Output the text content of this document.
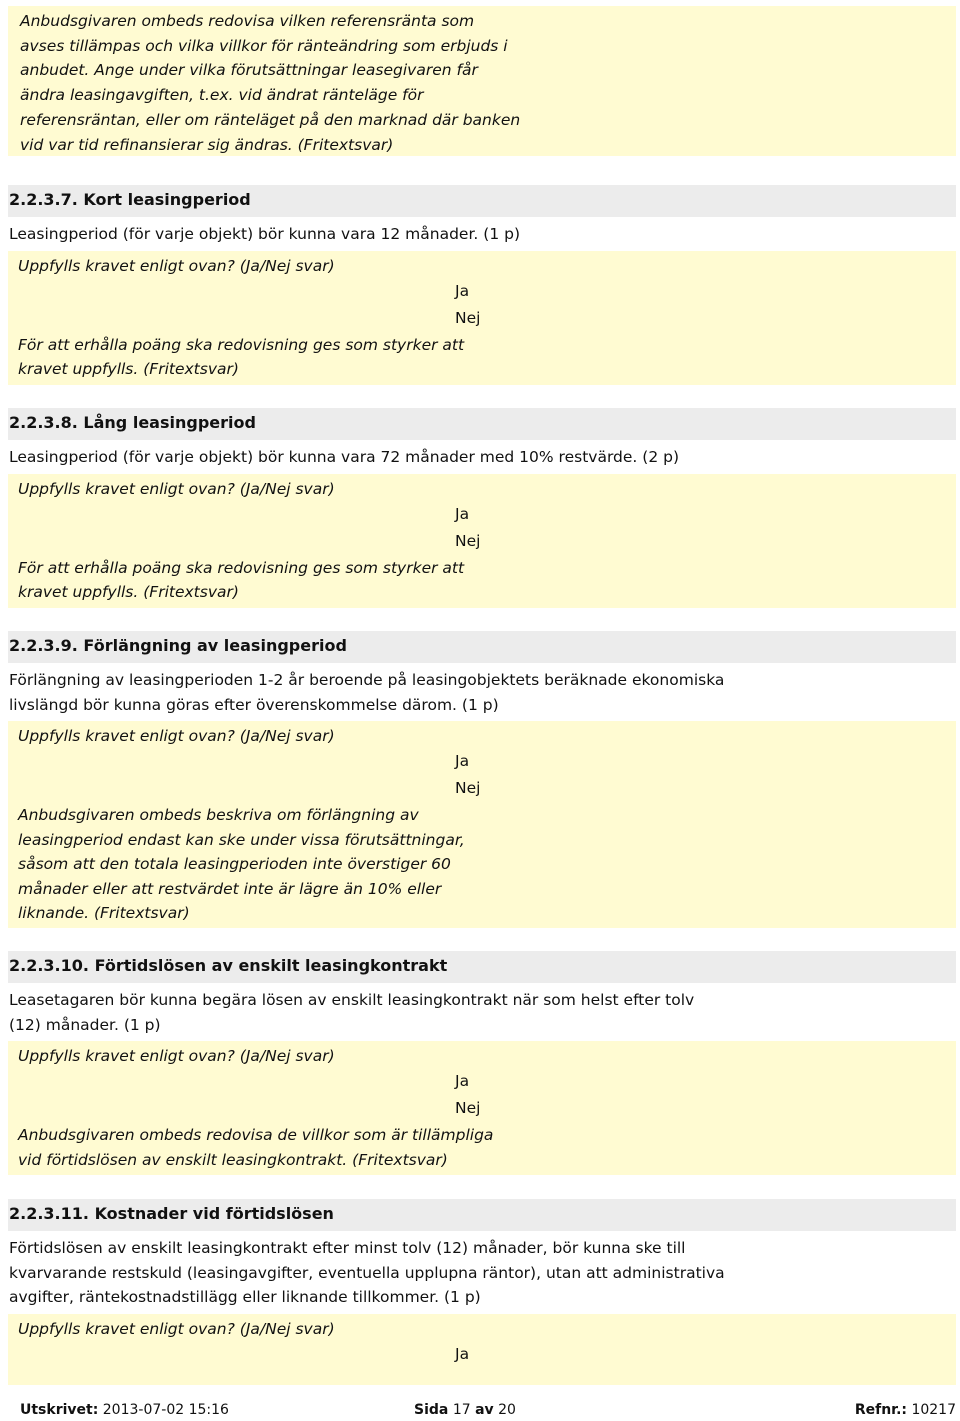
Anbudsgivaren ombeds redovisa vilken referensränta som

avses tillämpas och vilka villkor för ränteändring som erbjuds i

anbudet. Ange under vilka förutsättningar leasegivaren får

ändra leasingavgiften, t.ex. vid ändrat ränteläge för

referensräntan, eller om ränteläget på den marknad där banken

vid var tid refinansierar sig ändras. (Fritextsvar)

2.2.3.7. Kort leasingperiod

Leasingperiod (för varje objekt) bör kunna vara 12 månader. (1 p)

Uppfylls kravet enligt ovan? (Ja/Nej svar)

Ja

Nej

För att erhålla poäng ska redovisning ges som styrker att

kravet uppfylls. (Fritextsvar)

2.2.3.8. Lång leasingperiod

Leasingperiod (för varje objekt) bör kunna vara 72 månader med 10% restvärde. (2 p)

Uppfylls kravet enligt ovan? (Ja/Nej svar)

Ja

Nej

För att erhålla poäng ska redovisning ges som styrker att

kravet uppfylls. (Fritextsvar)

2.2.3.9. Förlängning av leasingperiod

Förlängning av leasingperioden 1-2 år beroende på leasingobjektets beräknade ekonomiska

livslängd bör kunna göras efter överenskommelse därom. (1 p)

Uppfylls kravet enligt ovan? (Ja/Nej svar)

Ja

Nej

Anbudsgivaren ombeds beskriva om förlängning av

leasingperiod endast kan ske under vissa förutsättningar,

såsom att den totala leasingperioden inte överstiger 60

månader eller att restvärdet inte är lägre än 10% eller

liknande. (Fritextsvar)

2.2.3.10. Förtidslösen av enskilt leasingkontrakt

Leasetagaren bör kunna begära lösen av enskilt leasingkontrakt när som helst efter tolv

(12) månader. (1 p)

Uppfylls kravet enligt ovan? (Ja/Nej svar)

Ja

Nej

Anbudsgivaren ombeds redovisa de villkor som är tillämpliga

vid förtidslösen av enskilt leasingkontrakt. (Fritextsvar)

2.2.3.11. Kostnader vid förtidslösen

Förtidslösen av enskilt leasingkontrakt efter minst tolv (12) månader, bör kunna ske till

kvarvarande restskuld (leasingavgifter, eventuella upplupna räntor), utan att administrativa

avgifter, räntekostnadstillägg eller liknande tillkommer. (1 p)

Uppfylls kravet enligt ovan? (Ja/Nej svar)

Ja

Utskrivet: 2013-07-02 15:16	Sida 17 av 20	Refnr.: 10217
